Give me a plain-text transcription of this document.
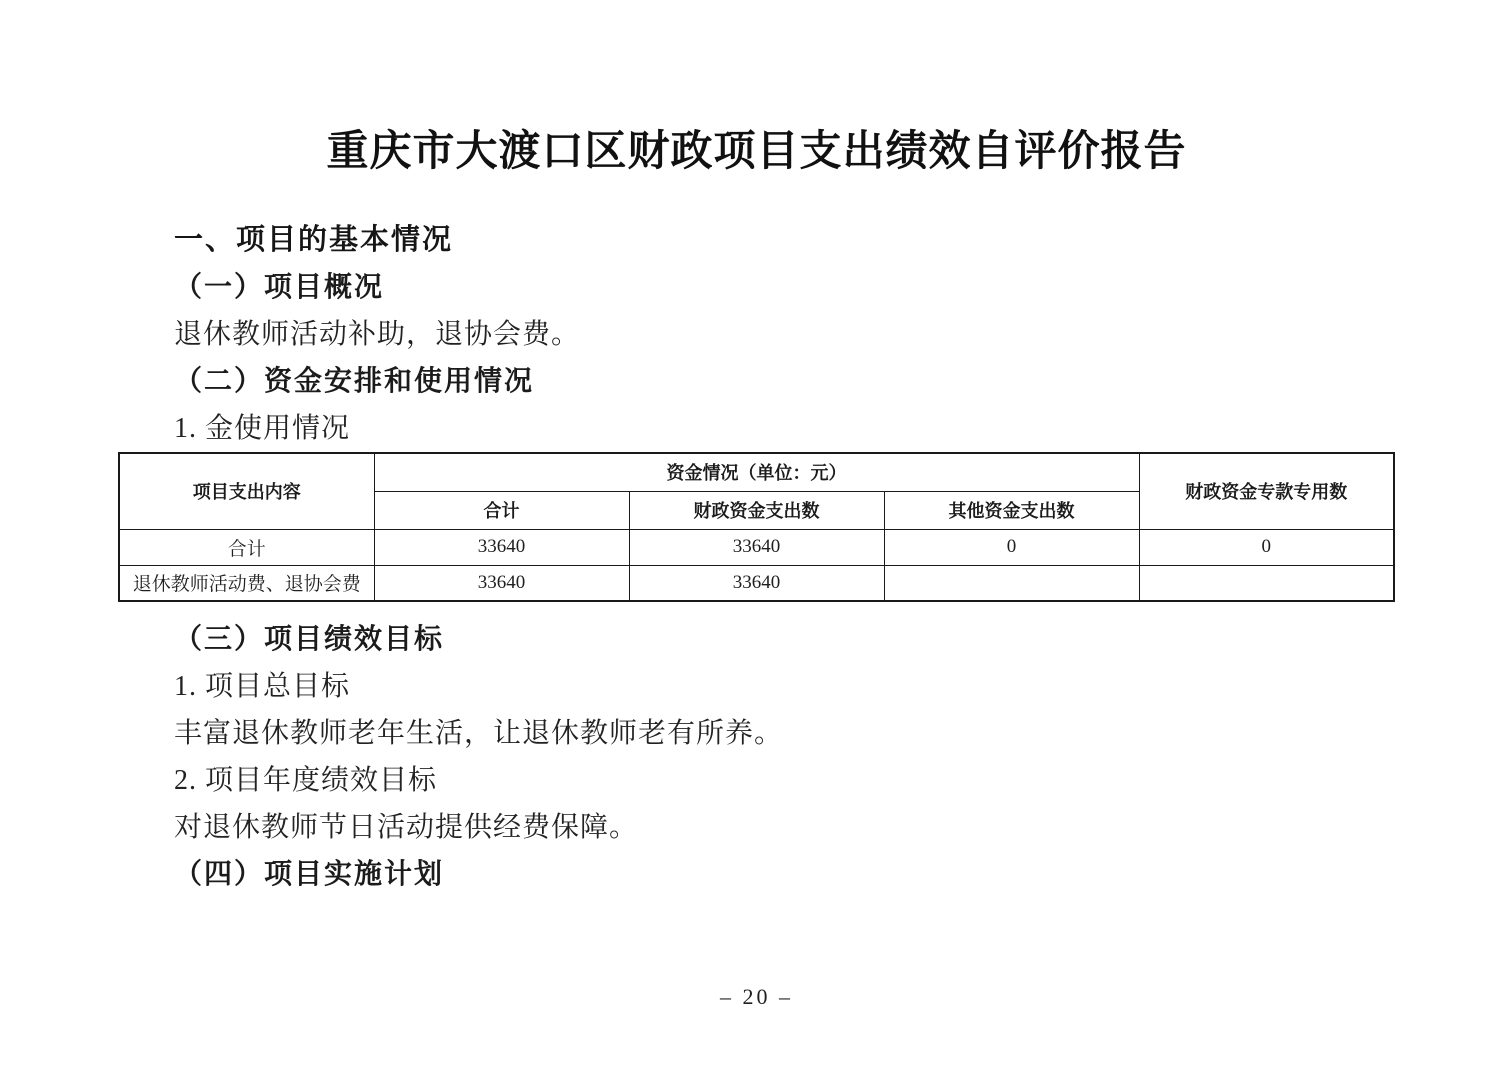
重庆市大渡口区财政项目支出绩效自评价报告
一、项目的基本情况

（一）项目概况

退休教师活动补助，退协会费。

（二）资金安排和使用情况

1. 金使用情况

项目支出内容	资金情况（单位：元）			财政资金专款专用数
	合计	财政资金支出数	其他资金支出数	
合计	33640	33640	0	0
退休教师活动费、退协会费	33640	33640		

（三）项目绩效目标

1. 项目总目标

丰富退休教师老年生活，让退休教师老有所养。

2. 项目年度绩效目标

对退休教师节日活动提供经费保障。

（四）项目实施计划

– 20 –
